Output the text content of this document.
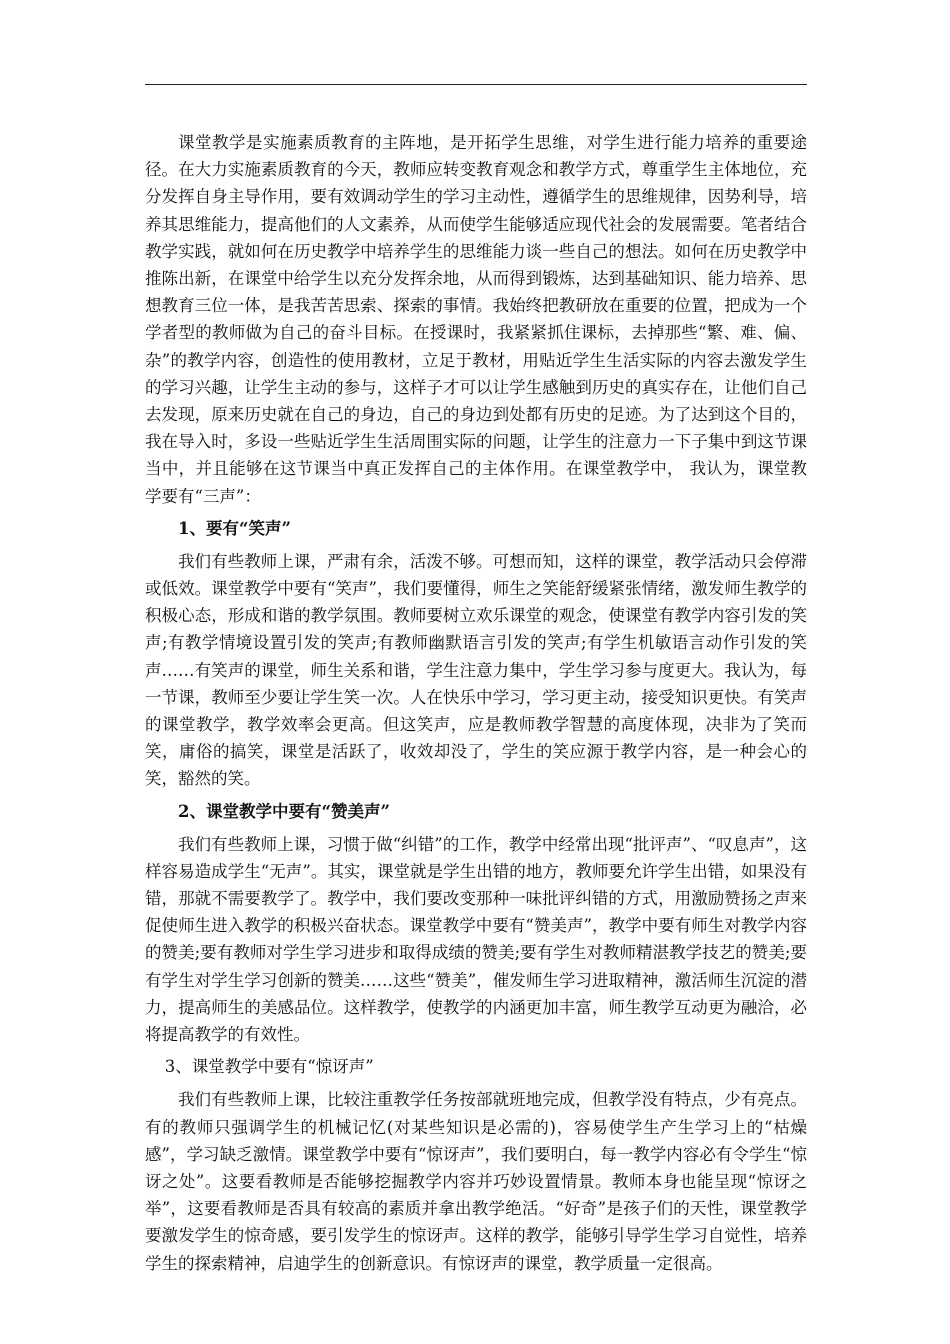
课堂教学是实施素质教育的主阵地，是开拓学生思维，对学生进行能力培养的重要途径。在大力实施素质教育的今天，教师应转变教育观念和教学方式，尊重学生主体地位，充分发挥自身主导作用，要有效调动学生的学习主动性，遵循学生的思维规律，因势利导，培养其思维能力，提高他们的人文素养，从而使学生能够适应现代社会的发展需要。笔者结合教学实践，就如何在历史教学中培养学生的思维能力谈一些自己的想法。如何在历史教学中推陈出新，在课堂中给学生以充分发挥余地，从而得到锻炼，达到基础知识、能力培养、思想教育三位一体，是我苦苦思索、探索的事情。我始终把教研放在重要的位置，把成为一个学者型的教师做为自己的奋斗目标。在授课时，我紧紧抓住课标，去掉那些“繁、难、偏、杂”的教学内容，创造性的使用教材，立足于教材，用贴近学生生活实际的内容去激发学生的学习兴趣，让学生主动的参与，这样子才可以让学生感触到历史的真实存在，让他们自己去发现，原来历史就在自己的身边，自己的身边到处都有历史的足迹。为了达到这个目的，我在导入时，多设一些贴近学生生活周围实际的问题，让学生的注意力一下子集中到这节课当中，并且能够在这节课当中真正发挥自己的主体作用。在课堂教学中， 我认为，课堂教学要有“三声”：

1、要有“笑声”

我们有些教师上课，严肃有余，活泼不够。可想而知，这样的课堂，教学活动只会停滞或低效。课堂教学中要有“笑声”，我们要懂得，师生之笑能舒缓紧张情绪，激发师生教学的积极心态，形成和谐的教学氛围。教师要树立欢乐课堂的观念，使课堂有教学内容引发的笑声;有教学情境设置引发的笑声;有教师幽默语言引发的笑声;有学生机敏语言动作引发的笑声……有笑声的课堂，师生关系和谐，学生注意力集中，学生学习参与度更大。我认为，每一节课，教师至少要让学生笑一次。人在快乐中学习，学习更主动，接受知识更快。有笑声的课堂教学，教学效率会更高。但这笑声，应是教师教学智慧的高度体现，决非为了笑而笑，庸俗的搞笑，课堂是活跃了，收效却没了，学生的笑应源于教学内容，是一种会心的笑，豁然的笑。

2、课堂教学中要有“赞美声”

我们有些教师上课，习惯于做“纠错”的工作，教学中经常出现“批评声”、“叹息声”，这样容易造成学生“无声”。其实，课堂就是学生出错的地方，教师要允许学生出错，如果没有错，那就不需要教学了。教学中，我们要改变那种一味批评纠错的方式，用激励赞扬之声来促使师生进入教学的积极兴奋状态。课堂教学中要有“赞美声”，教学中要有师生对教学内容的赞美;要有教师对学生学习进步和取得成绩的赞美;要有学生对教师精湛教学技艺的赞美;要有学生对学生学习创新的赞美……这些“赞美”，催发师生学习进取精神，激活师生沉淀的潜力，提高师生的美感品位。这样教学，使教学的内涵更加丰富，师生教学互动更为融洽，必将提高教学的有效性。

3、课堂教学中要有“惊讶声”

我们有些教师上课，比较注重教学任务按部就班地完成，但教学没有特点，少有亮点。有的教师只强调学生的机械记忆(对某些知识是必需的)，容易使学生产生学习上的“枯燥感”，学习缺乏激情。课堂教学中要有“惊讶声”，我们要明白，每一教学内容必有令学生“惊讶之处”。这要看教师是否能够挖掘教学内容并巧妙设置情景。教师本身也能呈现“惊讶之举”，这要看教师是否具有较高的素质并拿出教学绝活。“好奇”是孩子们的天性，课堂教学要激发学生的惊奇感，要引发学生的惊讶声。这样的教学，能够引导学生学习自觉性，培养学生的探索精神，启迪学生的创新意识。有惊讶声的课堂，教学质量一定很高。
